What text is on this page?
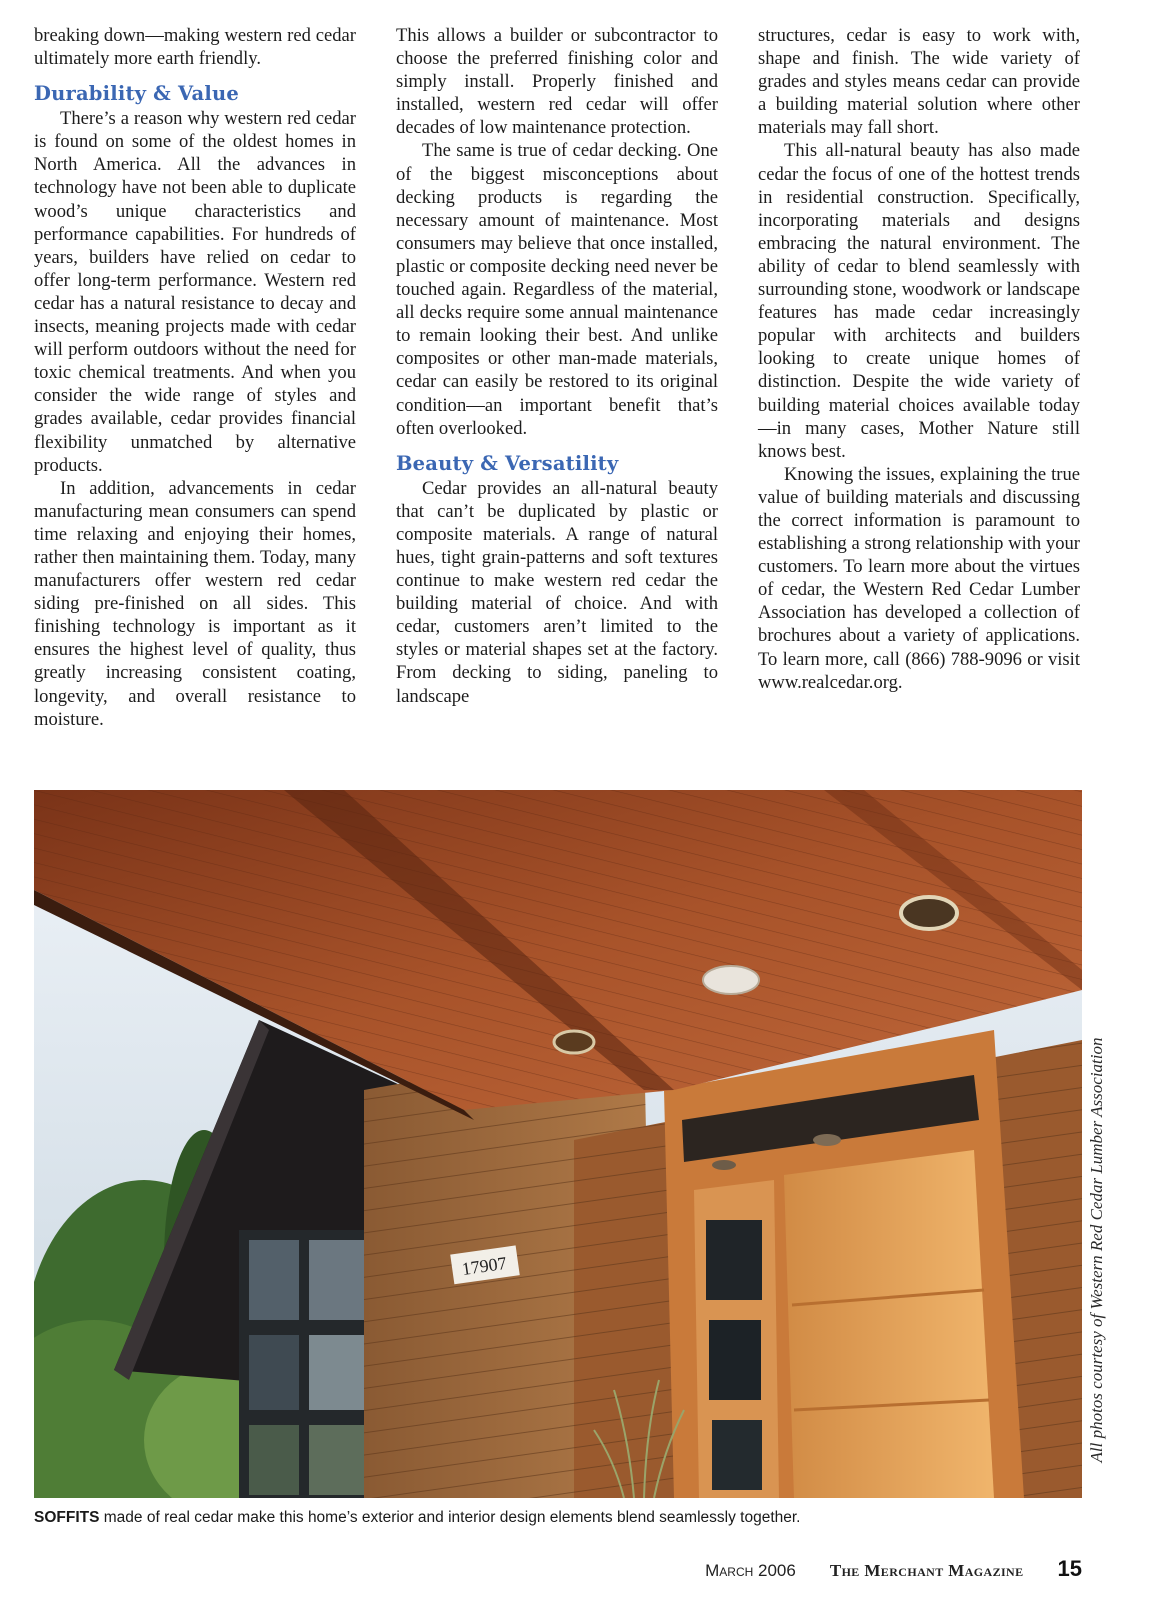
breaking down—making western red cedar ultimately more earth friendly.

Durability & Value

There’s a reason why western red cedar is found on some of the oldest homes in North America. All the advances in technology have not been able to duplicate wood’s unique characteristics and performance capabilities. For hundreds of years, builders have relied on cedar to offer long-term performance. Western red cedar has a natural resistance to decay and insects, meaning projects made with cedar will perform outdoors without the need for toxic chemical treatments. And when you consider the wide range of styles and grades available, cedar provides financial flexibility unmatched by alternative products.

In addition, advancements in cedar manufacturing mean consumers can spend time relaxing and enjoying their homes, rather then maintaining them. Today, many manufacturers offer western red cedar siding pre-finished on all sides. This finishing technology is important as it ensures the highest level of quality, thus greatly increasing consistent coating, longevity, and overall resistance to moisture.

This allows a builder or subcontractor to choose the preferred finishing color and simply install. Properly finished and installed, western red cedar will offer decades of low maintenance protection.

The same is true of cedar decking. One of the biggest misconceptions about decking products is regarding the necessary amount of maintenance. Most consumers may believe that once installed, plastic or composite decking need never be touched again. Regardless of the material, all decks require some annual maintenance to remain looking their best. And unlike composites or other man-made materials, cedar can easily be restored to its original condition—an important benefit that’s often overlooked.

Beauty & Versatility

Cedar provides an all-natural beauty that can’t be duplicated by plastic or composite materials. A range of natural hues, tight grain-patterns and soft textures continue to make western red cedar the building material of choice. And with cedar, customers aren’t limited to the styles or material shapes set at the factory. From decking to siding, paneling to landscape

structures, cedar is easy to work with, shape and finish. The wide variety of grades and styles means cedar can provide a building material solution where other materials may fall short.

This all-natural beauty has also made cedar the focus of one of the hottest trends in residential construction. Specifically, incorporating materials and designs embracing the natural environment. The ability of cedar to blend seamlessly with surrounding stone, woodwork or landscape features has made cedar increasingly popular with architects and builders looking to create unique homes of distinction. Despite the wide variety of building material choices available today—in many cases, Mother Nature still knows best.

Knowing the issues, explaining the true value of building materials and discussing the correct information is paramount to establishing a strong relationship with your customers. To learn more about the virtues of cedar, the Western Red Cedar Lumber Association has developed a collection of brochures about a variety of applications. To learn more, call (866) 788-9096 or visit www.realcedar.org.

17907	All photos courtesy of Western Red Cedar Lumber Association
SOFFITS made of real cedar make this home’s exterior and interior design elements blend seamlessly together.
March 2006 The Merchant Magazine 15
